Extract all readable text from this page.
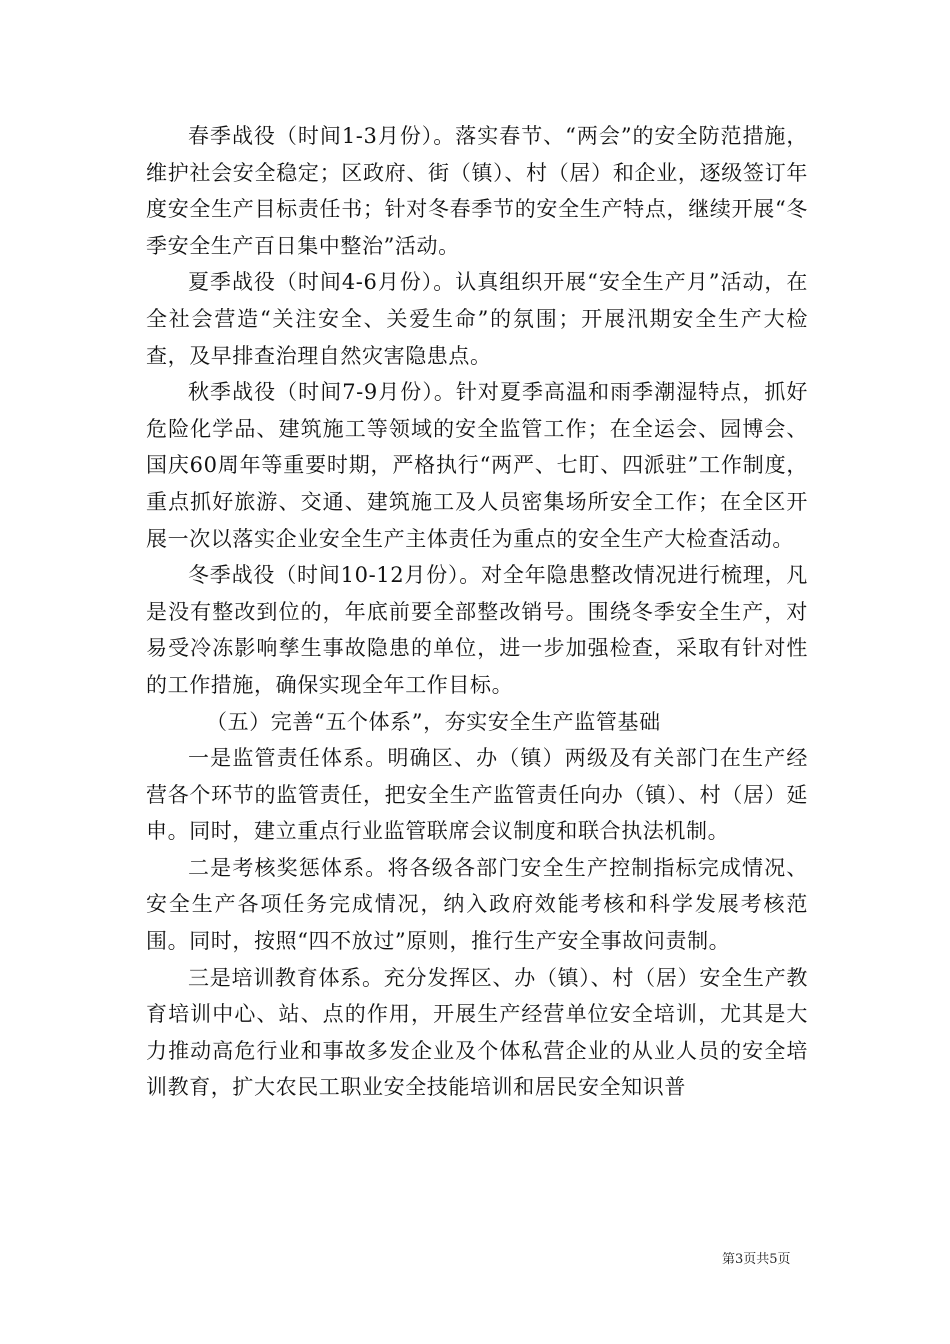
春季战役（时间1-3月份）。落实春节、“两会”的安全防范措施，维护社会安全稳定；区政府、街（镇）、村（居）和企业，逐级签订年度安全生产目标责任书；针对冬春季节的安全生产特点，继续开展“冬季安全生产百日集中整治”活动。

夏季战役（时间4-6月份）。认真组织开展“安全生产月”活动，在全社会营造“关注安全、关爱生命”的氛围；开展汛期安全生产大检查，及早排查治理自然灾害隐患点。

秋季战役（时间7-9月份）。针对夏季高温和雨季潮湿特点，抓好危险化学品、建筑施工等领域的安全监管工作；在全运会、园博会、国庆60周年等重要时期，严格执行“两严、七盯、四派驻”工作制度，重点抓好旅游、交通、建筑施工及人员密集场所安全工作；在全区开展一次以落实企业安全生产主体责任为重点的安全生产大检查活动。

冬季战役（时间10-12月份）。对全年隐患整改情况进行梳理，凡是没有整改到位的，年底前要全部整改销号。围绕冬季安全生产，对易受冷冻影响孳生事故隐患的单位，进一步加强检查，采取有针对性的工作措施，确保实现全年工作目标。

（五）完善“五个体系”，夯实安全生产监管基础

一是监管责任体系。明确区、办（镇）两级及有关部门在生产经营各个环节的监管责任，把安全生产监管责任向办（镇）、村（居）延申。同时，建立重点行业监管联席会议制度和联合执法机制。

二是考核奖惩体系。将各级各部门安全生产控制指标完成情况、安全生产各项任务完成情况，纳入政府效能考核和科学发展考核范围。同时，按照“四不放过”原则，推行生产安全事故问责制。

三是培训教育体系。充分发挥区、办（镇）、村（居）安全生产教育培训中心、站、点的作用，开展生产经营单位安全培训，尤其是大力推动高危行业和事故多发企业及个体私营企业的从业人员的安全培训教育，扩大农民工职业安全技能培训和居民安全知识普

第3页共5页
